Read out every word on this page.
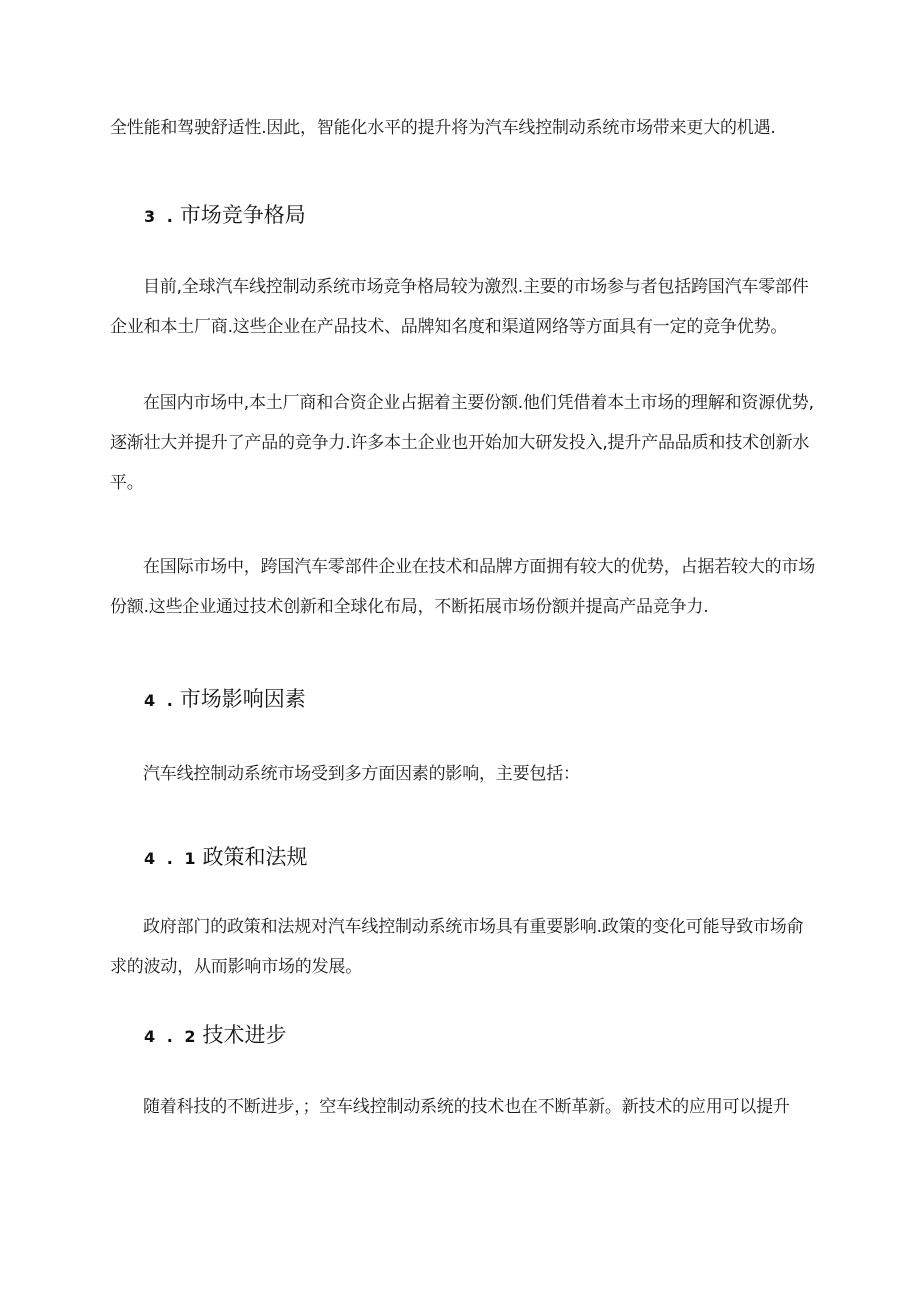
全性能和驾驶舒适性.因此，智能化水平的提升将为汽车线控制动系统市场带来更大的机遇.

3 . 市场竞争格局

目前,全球汽车线控制动系统市场竞争格局较为激烈.主要的市场参与者包括跨国汽车零部件
企业和本土厂商.这些企业在产品技术、品牌知名度和渠道网络等方面具有一定的竞争优势。

在国内市场中,本土厂商和合资企业占据着主要份额.他们凭借着本土市场的理解和资源优势,
逐渐壮大并提升了产品的竞争力.许多本土企业也开始加大研发投入,提升产品品质和技术创新水
平。

在国际市场中，跨国汽车零部件企业在技术和品牌方面拥有较大的优势，占据若较大的市场
份额.这些企业通过技术创新和全球化布局，不断拓展市场份额并提高产品竞争力.

4 . 市场影响因素

汽车线控制动系统市场受到多方面因素的影响，主要包括：

4 . 1 政策和法规

政府部门的政策和法规对汽车线控制动系统市场具有重要影响.政策的变化可能导致市场俞
求的波动，从而影响市场的发展。

4 . 2 技术进步

随着科技的不断进步，；空车线控制动系统的技术也在不断革新。新技术的应用可以提升
